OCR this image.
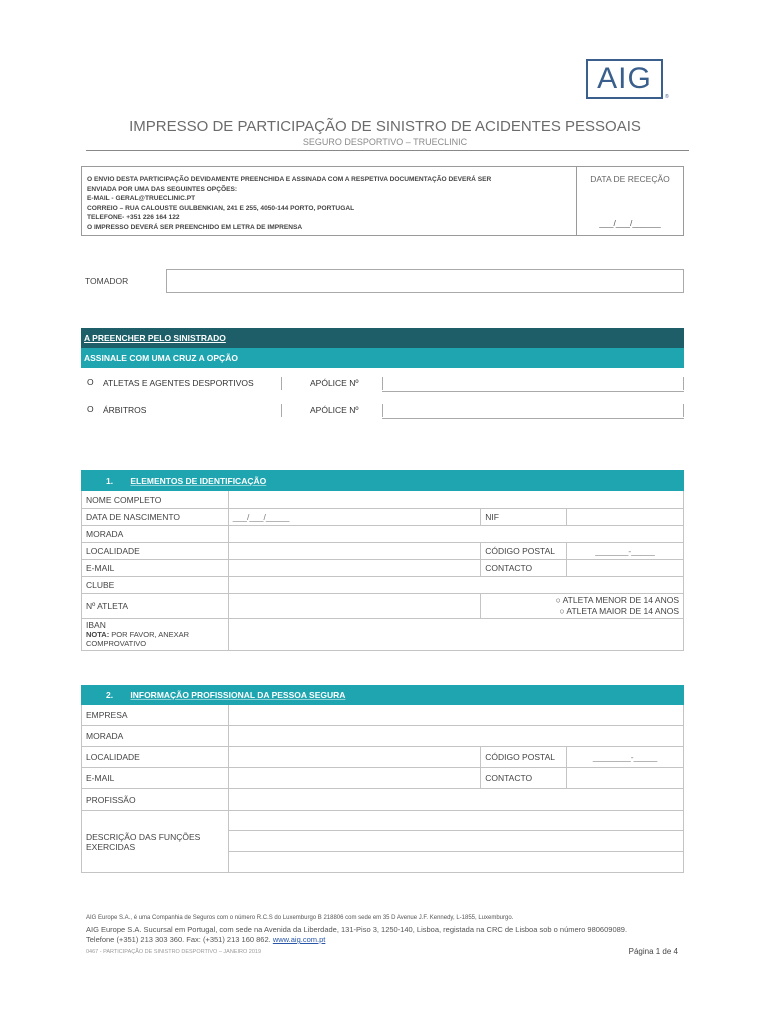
AIG
®
IMPRESSO DE PARTICIPAÇÃO DE SINISTRO DE ACIDENTES PESSOAIS
SEGURO DESPORTIVO – TRUECLINIC
O ENVIO DESTA PARTICIPAÇÃO DEVIDAMENTE PREENCHIDA E ASSINADA COM A RESPETIVA DOCUMENTAÇÃO DEVERÁ SER
ENVIADA POR UMA DAS SEGUINTES OPÇÕES:
E-MAIL - GERAL@TRUECLINIC.PT
CORREIO – RUA CALOUSTE GULBENKIAN, 241 E 255, 4050-144 PORTO, PORTUGAL
TELEFONE- +351 226 164 122
O IMPRESSO DEVERÁ SER PREENCHIDO EM LETRA DE IMPRENSA
DATA DE RECEÇÃO
___/___/______
TOMADOR
A PREENCHER PELO SINISTRADO
ASSINALE COM UMA CRUZ A OPÇÃO
O ATLETAS E AGENTES DESPORTIVOS	APÓLICE Nº
O ÁRBITROS	APÓLICE Nº
1. ELEMENTOS DE IDENTIFICAÇÃO			
NOME COMPLETO			
DATA DE NASCIMENTO	___/___/_____	NIF	
MORADA			
LOCALIDADE		CÓDIGO POSTAL	_______-_____
E-MAIL		CONTACTO	
CLUBE			
Nº ATLETA		○ ATLETA MENOR DE 14 ANOS
○ ATLETA MAIOR DE 14 ANOS	

IBAN
NOTA: POR FAVOR, ANEXAR COMPROVATIVO			

2. INFORMAÇÃO PROFISSIONAL DA PESSOA SEGURA			
EMPRESA			
MORADA			
LOCALIDADE		CÓDIGO POSTAL	________-_____
E-MAIL		CONTACTO	
PROFISSÃO			
DESCRIÇÃO DAS FUNÇÕES EXERCIDAS			

AIG Europe S.A., é uma Companhia de Seguros com o número R.C.S do Luxemburgo B 218806 com sede em 35 D Avenue J.F. Kennedy, L-1855, Luxemburgo.
AIG Europe S.A. Sucursal em Portugal, com sede na Avenida da Liberdade, 131-Piso 3, 1250-140, Lisboa, registada na CRC de Lisboa sob o número 980609089.
Telefone (+351) 213 303 360. Fax: (+351) 213 160 862. www.aig.com.pt
0467 - PARTICIPAÇÃO DE SINISTRO DESPORTIVO – JANEIRO 2019	Página 1 de 4
